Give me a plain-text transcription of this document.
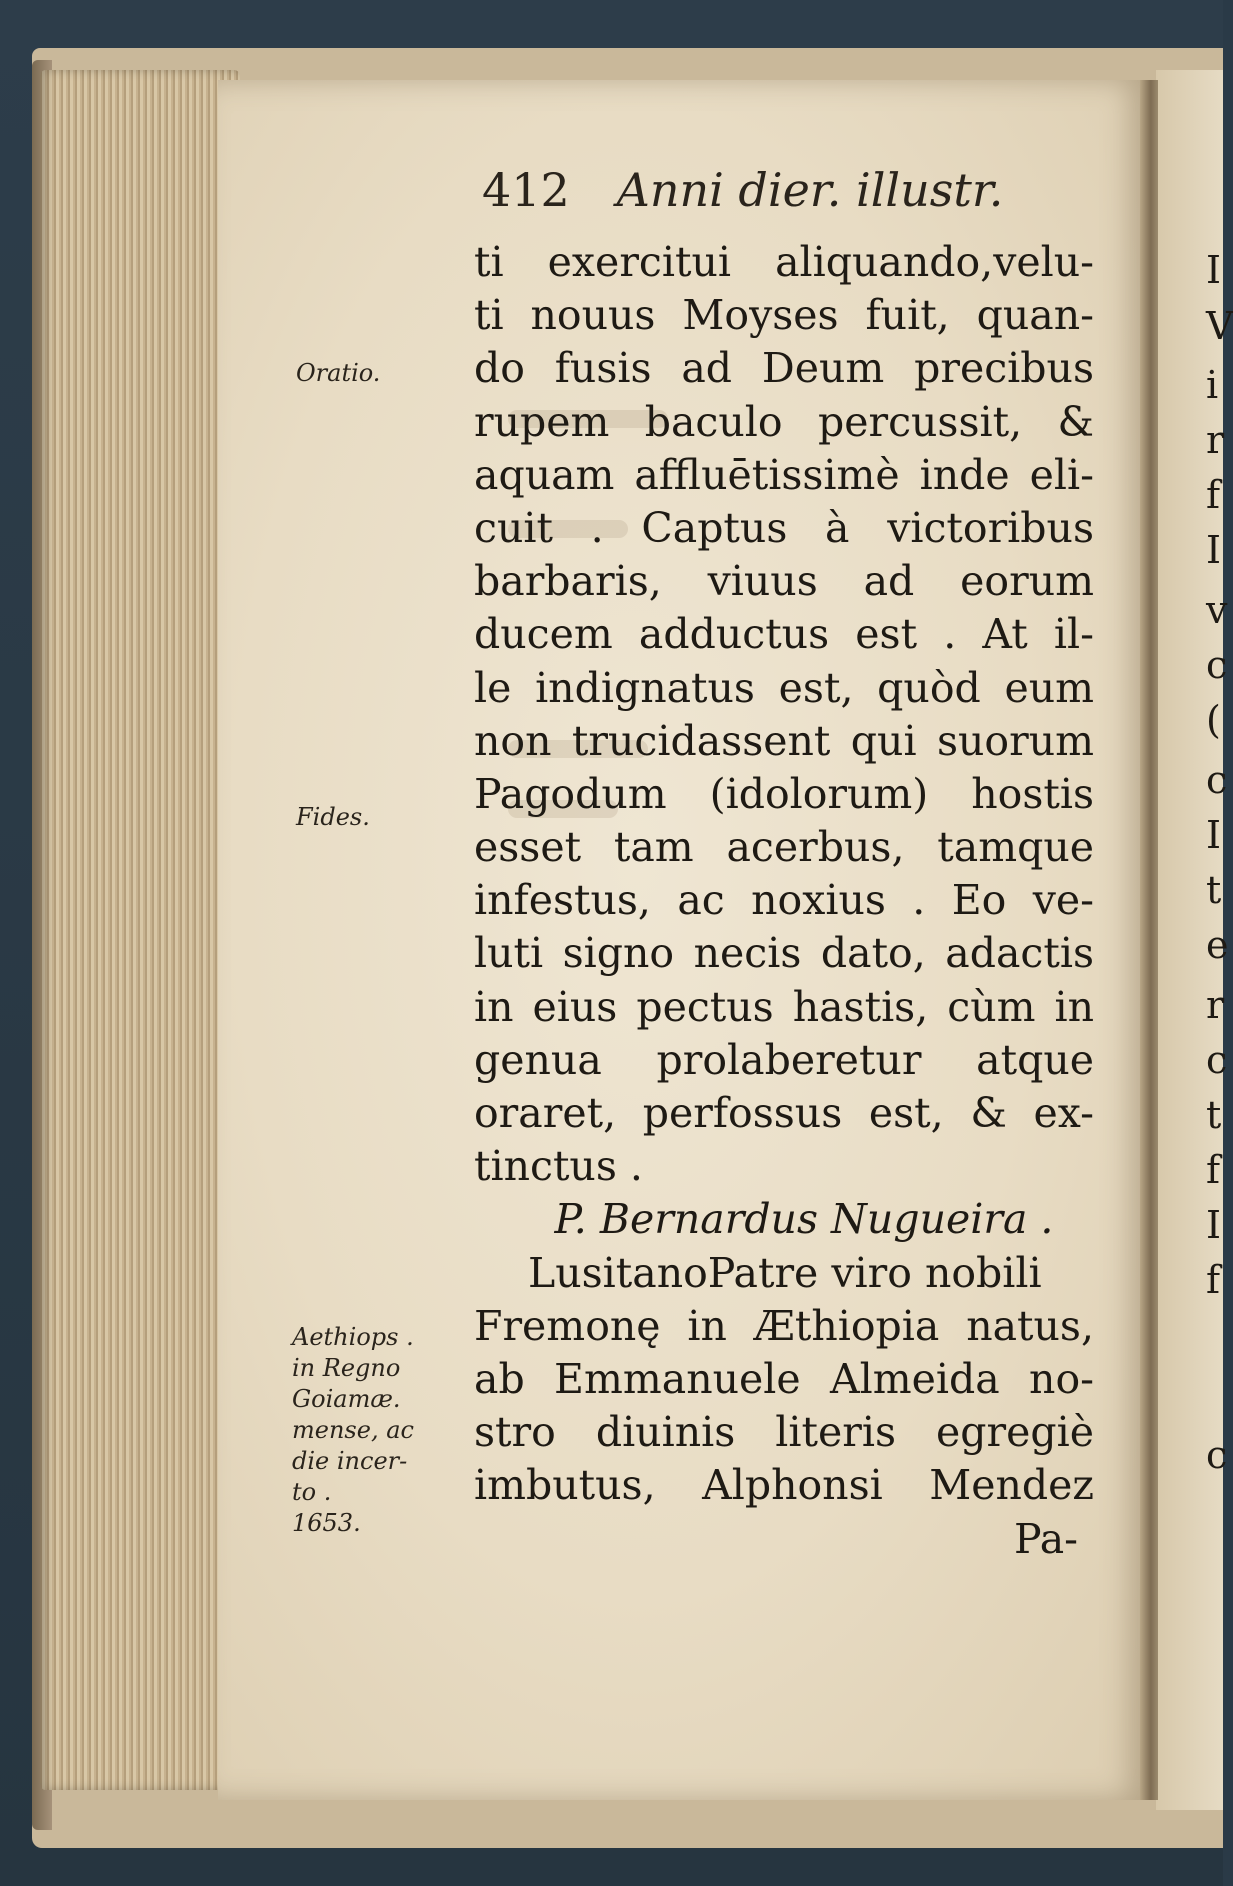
412 Anni dier. illustr.
Oratio.
Fides.
Aethiops .
in Regno
Goiamæ.
mense, ac
die incer-
to .
1653.
ti exercitui aliquando,velu-
ti nouus Moyses fuit, quan-
do fusis ad Deum precibus
rupem baculo percussit, &
aquam affluētissimè inde eli-
cuit . Captus à victoribus
barbaris, viuus ad eorum
ducem adductus est . At il-
le indignatus est, quòd eum
non trucidassent qui suorum
Pagodum (idolorum) hostis
esset tam acerbus, tamque
infestus, ac noxius . Eo ve-
luti signo necis dato, adactis
in eius pectus hastis, cùm in
genua prolaberetur atque
oraret, perfossus est, & ex-
tinctus .
P. Bernardus Nugueira .
LusitanoPatre viro nobili
Fremonę in Æthiopia natus,
ab Emmanuele Almeida no-
stro diuinis literis egregiè
imbutus, Alphonsi Mendez
Pa-
I
V
i
r
f
I
v
c
(
c
I
t
e
r
c
t
f
I
f
c
